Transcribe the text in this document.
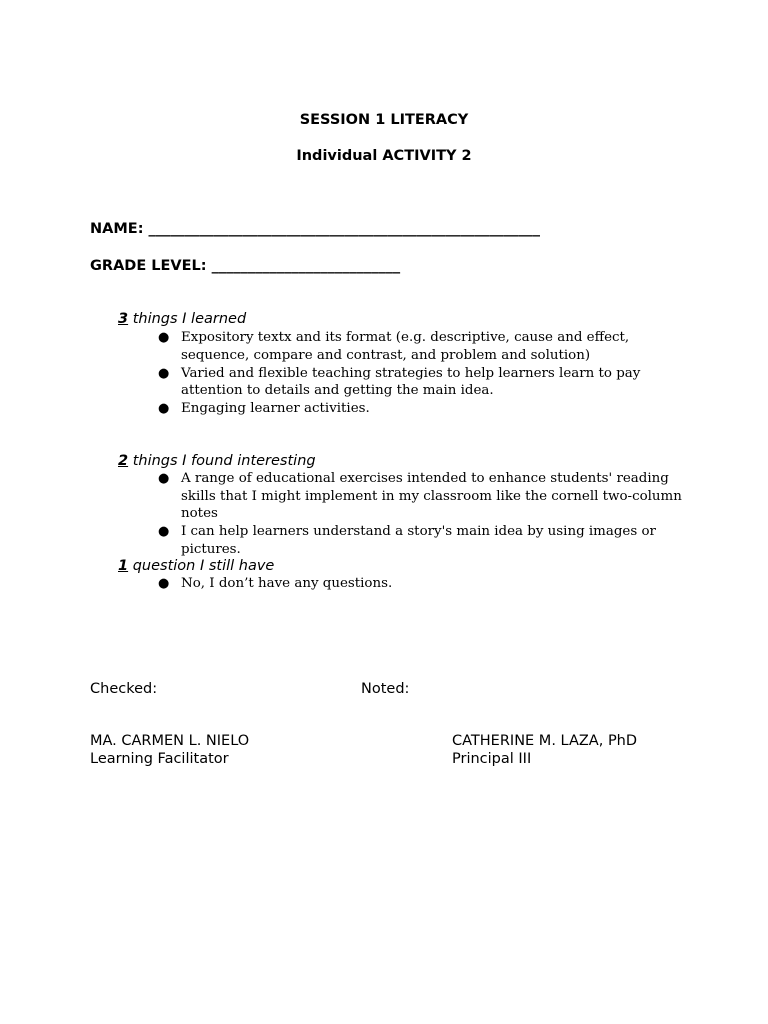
SESSION 1 LITERACY
Individual ACTIVITY 2
NAME: ______________________________________________________
GRADE LEVEL: __________________________
3 things I learned
● Expository textx and its format (e.g. descriptive, cause and effect, sequence, compare and contrast, and problem and solution)
● Varied and flexible teaching strategies to help learners learn to pay attention to details and getting the main idea.
● Engaging learner activities.
2 things I found interesting
● A range of educational exercises intended to enhance students' reading skills that I might implement in my classroom like the cornell two-column notes
● I can help learners understand a story's main idea by using images or pictures.
1 question I still have
● No, I don’t have any questions.
Checked:	Noted:
MA. CARMEN L. NIELO
Learning Facilitator
CATHERINE M. LAZA, PhD
Principal III
